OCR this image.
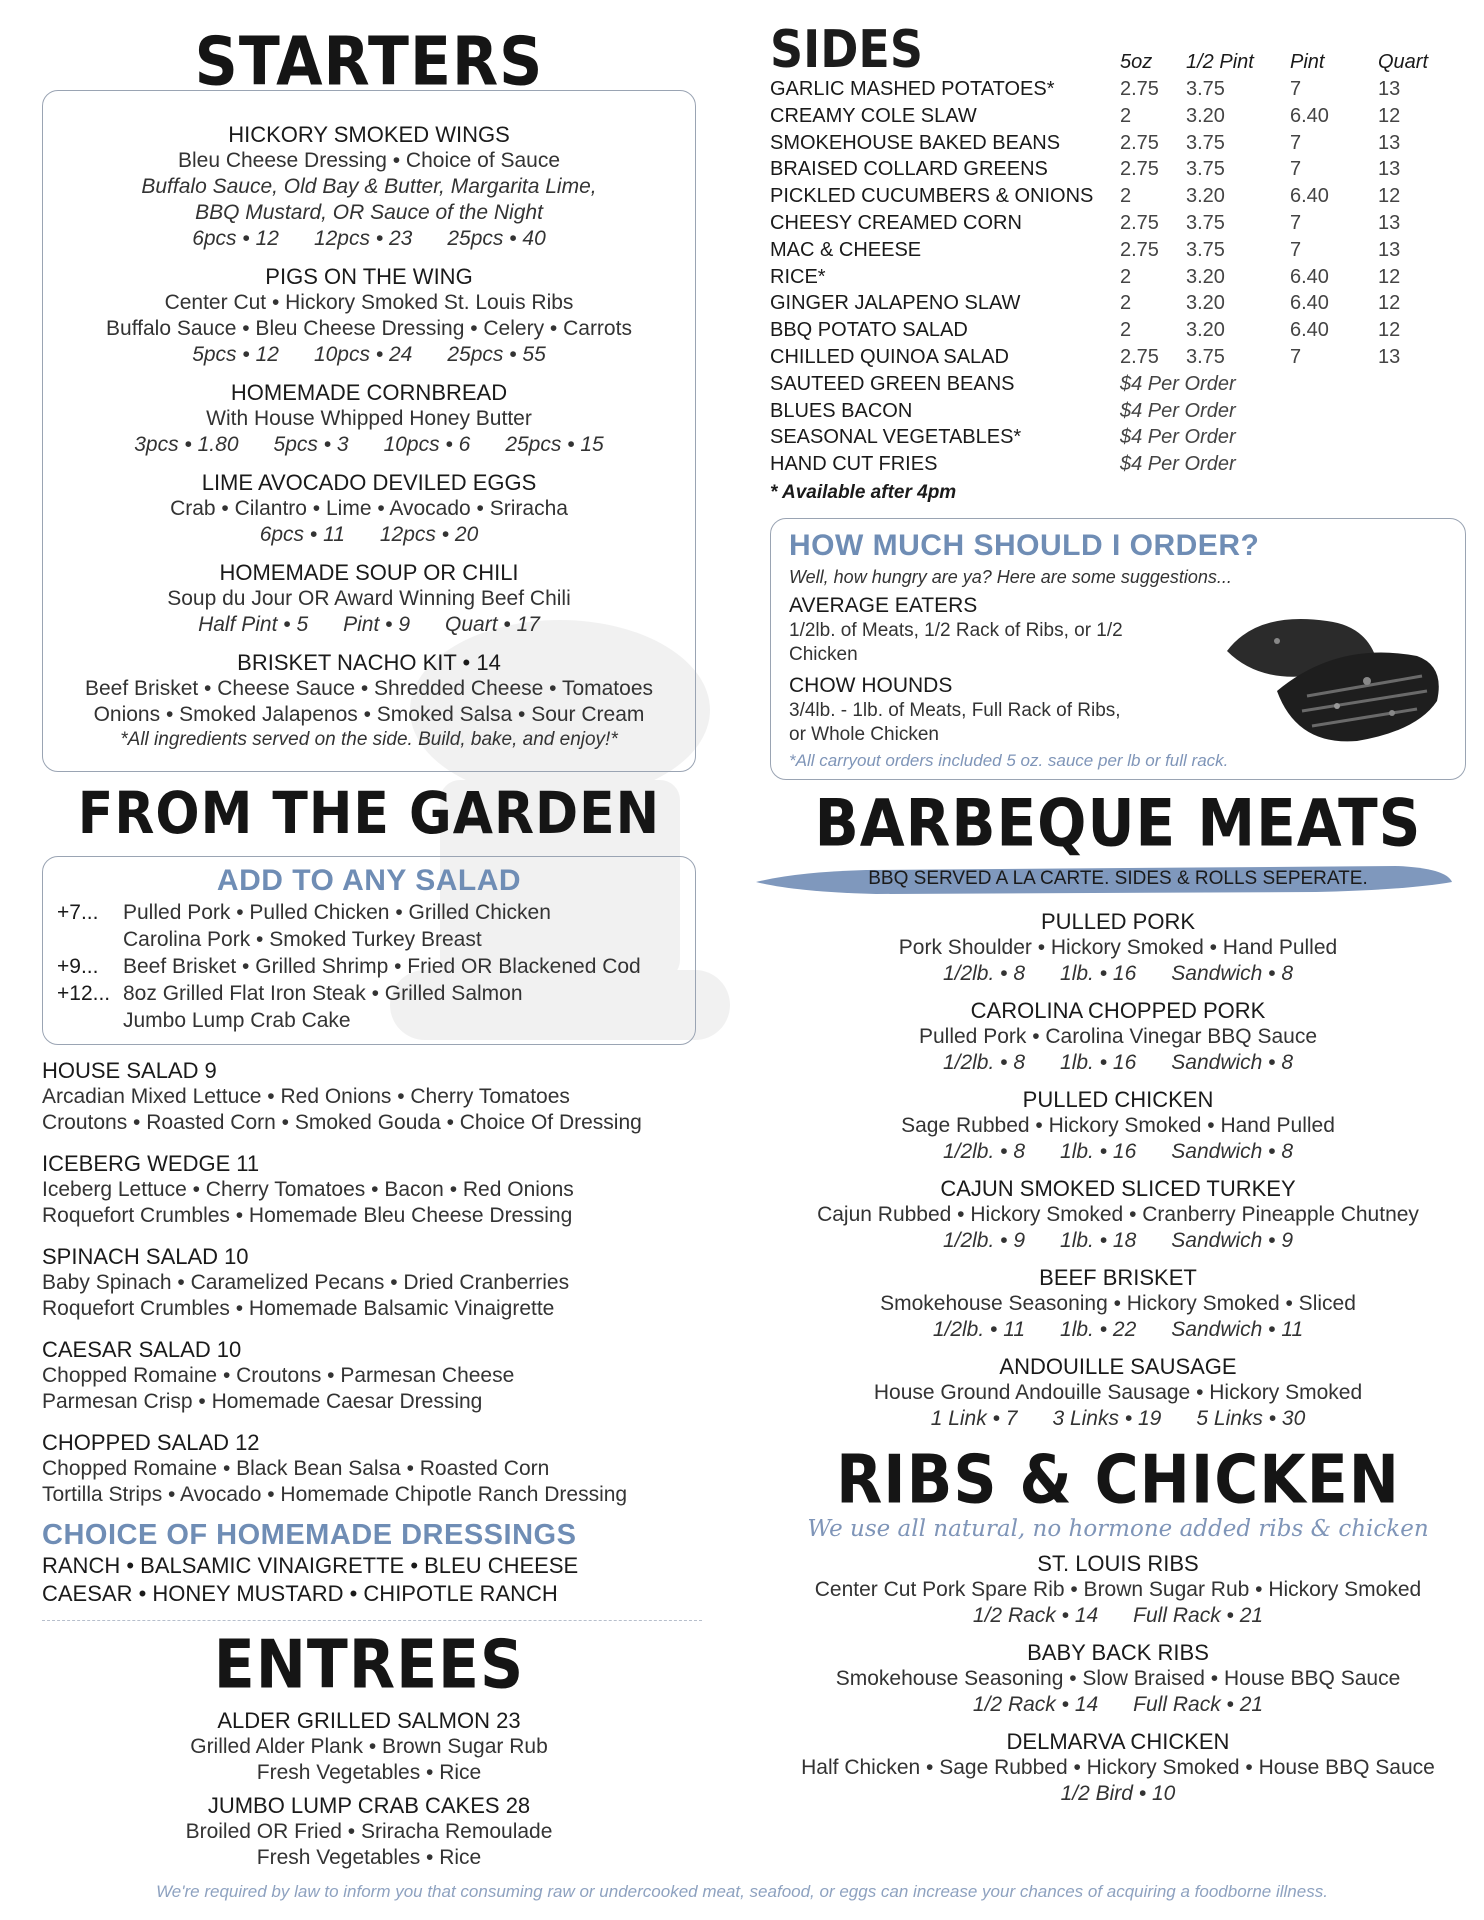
STARTERS
HICKORY SMOKED WINGS
Bleu Cheese Dressing • Choice of Sauce
Buffalo Sauce, Old Bay & Butter, Margarita Lime,
BBQ Mustard, OR Sauce of the Night
6pcs • 12      12pcs • 23      25pcs • 40
PIGS ON THE WING
Center Cut • Hickory Smoked St. Louis Ribs
Buffalo Sauce • Bleu Cheese Dressing • Celery • Carrots
5pcs • 12      10pcs • 24      25pcs • 55
HOMEMADE CORNBREAD
With House Whipped Honey Butter
3pcs • 1.80      5pcs • 3      10pcs • 6      25pcs • 15
LIME AVOCADO DEVILED EGGS
Crab • Cilantro • Lime • Avocado • Sriracha
6pcs • 11      12pcs • 20
HOMEMADE SOUP OR CHILI
Soup du Jour OR Award Winning Beef Chili
Half Pint • 5      Pint • 9      Quart • 17
BRISKET NACHO KIT • 14
Beef Brisket • Cheese Sauce • Shredded Cheese • Tomatoes
Onions • Smoked Jalapenos • Smoked Salsa • Sour Cream
*All ingredients served on the side. Build, bake, and enjoy!*
FROM THE GARDEN
ADD TO ANY SALAD
+7...	Pulled Pork • Pulled Chicken • Grilled Chicken
Carolina Pork • Smoked Turkey Breast
+9...	Beef Brisket • Grilled Shrimp • Fried OR Blackened Cod
+12... 8oz Grilled Flat Iron Steak • Grilled Salmon
Jumbo Lump Crab Cake
HOUSE SALAD 9
Arcadian Mixed Lettuce • Red Onions • Cherry Tomatoes
Croutons • Roasted Corn • Smoked Gouda • Choice Of Dressing
ICEBERG WEDGE 11
Iceberg Lettuce • Cherry Tomatoes • Bacon • Red Onions
Roquefort Crumbles • Homemade Bleu Cheese Dressing
SPINACH SALAD 10
Baby Spinach • Caramelized Pecans • Dried Cranberries
Roquefort Crumbles • Homemade Balsamic Vinaigrette
CAESAR SALAD 10
Chopped Romaine • Croutons • Parmesan Cheese
Parmesan Crisp • Homemade Caesar Dressing
CHOPPED SALAD 12
Chopped Romaine • Black Bean Salsa • Roasted Corn
Tortilla Strips • Avocado • Homemade Chipotle Ranch Dressing
CHOICE OF HOMEMADE DRESSINGS
RANCH • BALSAMIC VINAIGRETTE • BLEU CHEESE
CAESAR • HONEY MUSTARD • CHIPOTLE RANCH
ENTREES
ALDER GRILLED SALMON 23
Grilled Alder Plank • Brown Sugar Rub
Fresh Vegetables • Rice
JUMBO LUMP CRAB CAKES 28
Broiled OR Fried • Sriracha Remoulade
Fresh Vegetables • Rice
SIDES	5oz	1/2 Pint	Pint	Quart
GARLIC MASHED POTATOES*	2.75	3.75	7	13
CREAMY COLE SLAW	2	3.20	6.40	12
SMOKEHOUSE BAKED BEANS	2.75	3.75	7	13
BRAISED COLLARD GREENS	2.75	3.75	7	13
PICKLED CUCUMBERS & ONIONS	2	3.20	6.40	12
CHEESY CREAMED CORN	2.75	3.75	7	13
MAC & CHEESE	2.75	3.75	7	13
RICE*	2	3.20	6.40	12
GINGER JALAPENO SLAW	2	3.20	6.40	12
BBQ POTATO SALAD	2	3.20	6.40	12
CHILLED QUINOA SALAD	2.75	3.75	7	13
SAUTEED GREEN BEANS	$4 Per Order
BLUES BACON	$4 Per Order
SEASONAL VEGETABLES*	$4 Per Order
HAND CUT FRIES	$4 Per Order
* Available after 4pm
HOW MUCH SHOULD I ORDER?
Well, how hungry are ya? Here are some suggestions...
AVERAGE EATERS
1/2lb. of Meats, 1/2 Rack of Ribs, or 1/2 Chicken
CHOW HOUNDS
3/4lb. - 1lb. of Meats, Full Rack of Ribs,
or Whole Chicken
*All carryout orders included 5 oz. sauce per lb or full rack.
BARBEQUE MEATS
BBQ SERVED A LA CARTE. SIDES & ROLLS SEPERATE.
PULLED PORK
Pork Shoulder • Hickory Smoked • Hand Pulled
1/2lb. • 8      1lb. • 16      Sandwich • 8
CAROLINA CHOPPED PORK
Pulled Pork • Carolina Vinegar BBQ Sauce
1/2lb. • 8      1lb. • 16      Sandwich • 8
PULLED CHICKEN
Sage Rubbed • Hickory Smoked • Hand Pulled
1/2lb. • 8      1lb. • 16      Sandwich • 8
CAJUN SMOKED SLICED TURKEY
Cajun Rubbed • Hickory Smoked • Cranberry Pineapple Chutney
1/2lb. • 9      1lb. • 18      Sandwich • 9
BEEF BRISKET
Smokehouse Seasoning • Hickory Smoked • Sliced
1/2lb. • 11      1lb. • 22      Sandwich • 11
ANDOUILLE SAUSAGE
House Ground Andouille Sausage • Hickory Smoked
1 Link • 7      3 Links • 19      5 Links • 30
RIBS & CHICKEN
We use all natural, no hormone added ribs & chicken
ST. LOUIS RIBS
Center Cut Pork Spare Rib • Brown Sugar Rub • Hickory Smoked
1/2 Rack • 14      Full Rack • 21
BABY BACK RIBS
Smokehouse Seasoning • Slow Braised • House BBQ Sauce
1/2 Rack • 14      Full Rack • 21
DELMARVA CHICKEN
Half Chicken • Sage Rubbed • Hickory Smoked • House BBQ Sauce
1/2 Bird • 10
We're required by law to inform you that consuming raw or undercooked meat, seafood, or eggs can increase your chances of acquiring a foodborne illness.
